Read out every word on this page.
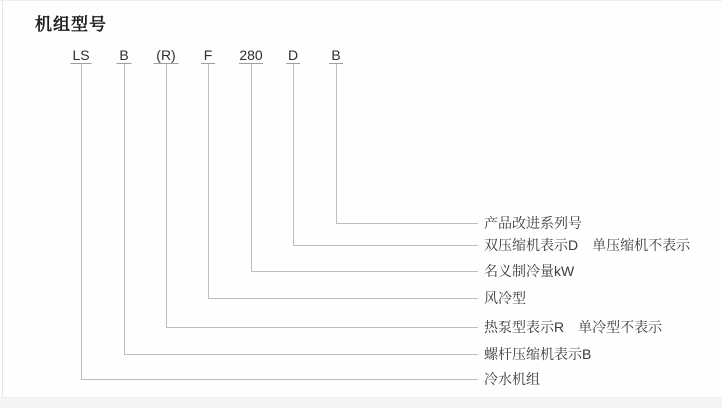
机组型号
LS
冷水机组
B
螺杆压缩机表示B
(R)
热泵型表示R　单冷型不表示
F
风冷型
280
名义制冷量kW
D
双压缩机表示D　单压缩机不表示
B
产品改进系列号
